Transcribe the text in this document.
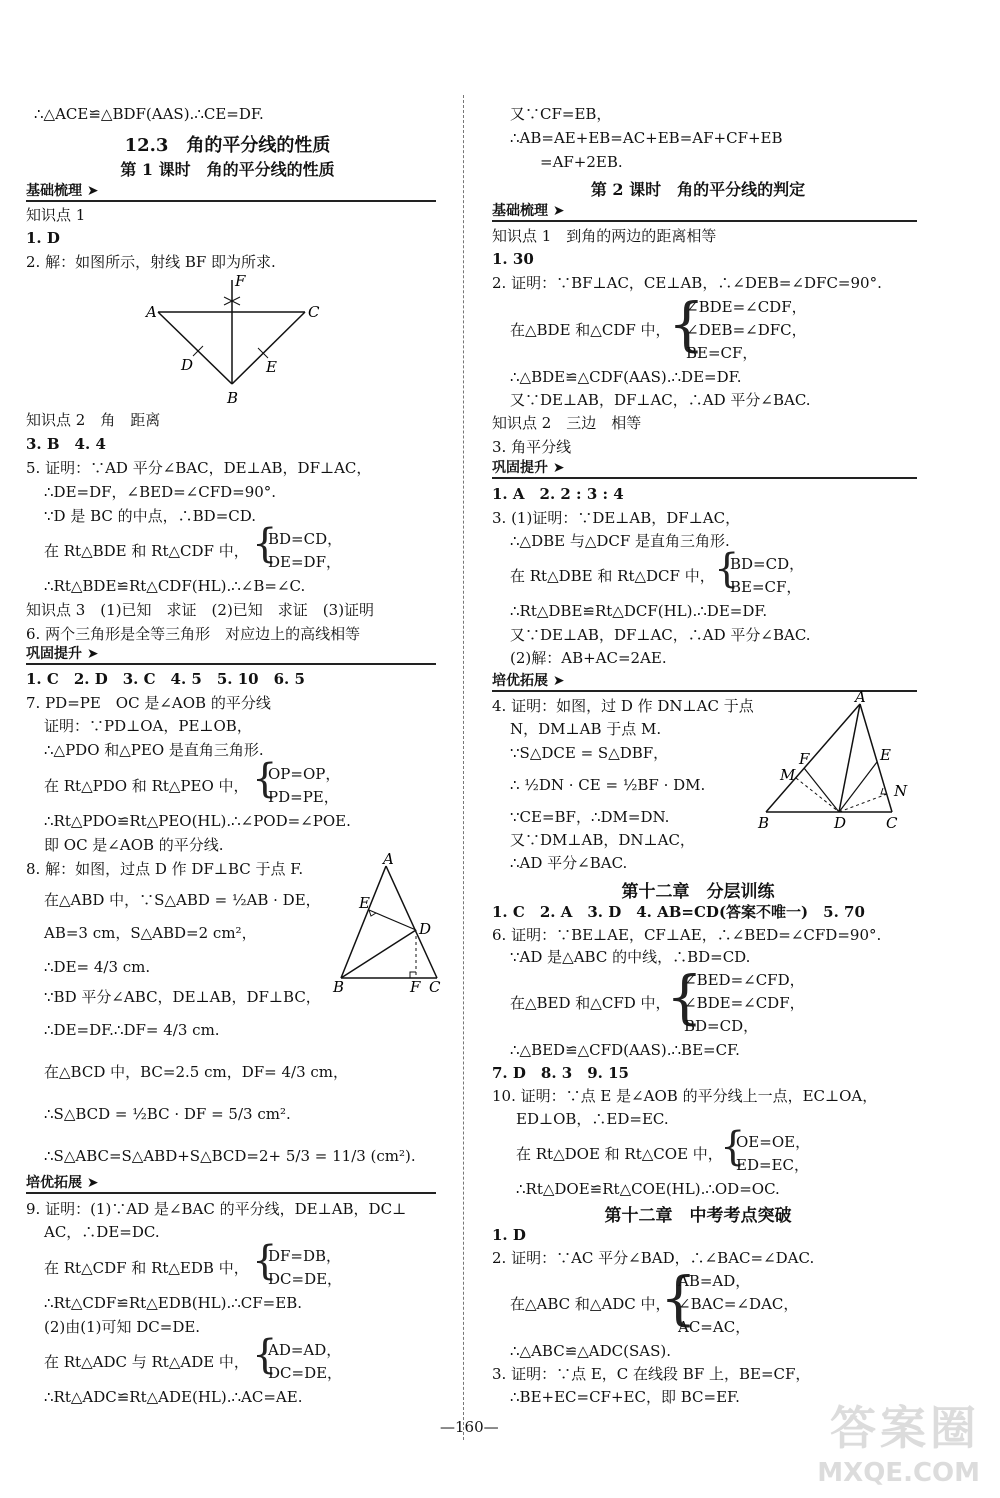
∴△ACE≌△BDF(AAS).∴CE=DF.
12.3　角的平分线的性质
第 1 课时　角的平分线的性质
基础梳理 ➤
知识点 1
1. D
2. 解：如图所示，射线 BF 即为所求.
A	C
F
D	E
B
知识点 2　角　距离
3. B　4. 4
5. 证明：∵AD 平分∠BAC，DE⊥AB，DF⊥AC，
∴DE=DF，∠BED=∠CFD=90°.
∵D 是 BC 的中点，∴BD=CD.
在 Rt△BDE 和 Rt△CDF 中， {
BD=CD，
DE=DF，
∴Rt△BDE≌Rt△CDF(HL).∴∠B=∠C.
知识点 3　(1)已知　求证　(2)已知　求证　(3)证明
6. 两个三角形是全等三角形　对应边上的高线相等
巩固提升 ➤
1. C　2. D　3. C　4. 5　5. 10　6. 5
7. PD=PE　OC 是∠AOB 的平分线
证明：∵PD⊥OA，PE⊥OB，
∴△PDO 和△PEO 是直角三角形.
在 Rt△PDO 和 Rt△PEO 中， {
OP=OP，
PD=PE，
∴Rt△PDO≌Rt△PEO(HL).∴∠POD=∠POE.
即 OC 是∠AOB 的平分线.
8. 解：如图，过点 D 作 DF⊥BC 于点 F.
在△ABD 中，∵S△ABD = ½AB · DE，
AB=3 cm，S△ABD=2 cm²，
∴DE= 4/3 cm.
∵BD 平分∠ABC，DE⊥AB，DF⊥BC，
∴DE=DF.∴DF= 4/3 cm.
在△BCD 中，BC=2.5 cm，DF= 4/3 cm，
∴S△BCD = ½BC · DF = 5/3 cm².
∴S△ABC=S△ABD+S△BCD=2+ 5/3 = 11/3 (cm²).
A
E
D
B	F C
培优拓展 ➤
9. 证明：(1)∵AD 是∠BAC 的平分线，DE⊥AB，DC⊥
AC，∴DE=DC.
在 Rt△CDF 和 Rt△EDB 中， {
DF=DB，
DC=DE，
∴Rt△CDF≌Rt△EDB(HL).∴CF=EB.
(2)由(1)可知 DC=DE.
在 Rt△ADC 与 Rt△ADE 中， {
AD=AD，
DC=DE，
∴Rt△ADC≌Rt△ADE(HL).∴AC=AE.
又∵CF=EB，
∴AB=AE+EB=AC+EB=AF+CF+EB
=AF+2EB.
第 2 课时　角的平分线的判定
基础梳理 ➤
知识点 1　到角的两边的距离相等
1. 30
2. 证明：∵BF⊥AC，CE⊥AB，∴∠DEB=∠DFC=90°.
在△BDE 和△CDF 中，
{
∠BDE=∠CDF，
∠DEB=∠DFC，
BE=CF，
∴△BDE≌△CDF(AAS).∴DE=DF.
又∵DE⊥AB，DF⊥AC，∴AD 平分∠BAC.
知识点 2　三边　相等
3. 角平分线
巩固提升 ➤
1. A　2. 2 : 3 : 4
3. (1)证明：∵DE⊥AB，DF⊥AC，
∴△DBE 与△DCF 是直角三角形.
在 Rt△DBE 和 Rt△DCF 中， {
BD=CD，
BE=CF，
∴Rt△DBE≌Rt△DCF(HL).∴DE=DF.
又∵DE⊥AB，DF⊥AC，∴AD 平分∠BAC.
(2)解：AB+AC=2AE.
培优拓展 ➤
4. 证明：如图，过 D 作 DN⊥AC 于点
N，DM⊥AB 于点 M.
∵S△DCE = S△DBF，
∴ ½DN · CE = ½BF · DM.
∵CE=BF，∴DM=DN.
又∵DM⊥AB，DN⊥AC，
∴AD 平分∠BAC.
A
F
M
E
N
B	D	C
第十二章　分层训练
1. C　2. A　3. D　4. AB=CD(答案不唯一)　5. 70
6. 证明：∵BE⊥AE，CF⊥AE，∴∠BED=∠CFD=90°.
∵AD 是△ABC 的中线，∴BD=CD.
在△BED 和△CFD 中，
{
∠BED=∠CFD，
∠BDE=∠CDF，
BD=CD，
∴△BED≌△CFD(AAS).∴BE=CF.
7. D　8. 3　9. 15
10. 证明：∵点 E 是∠AOB 的平分线上一点，EC⊥OA，
ED⊥OB，∴ED=EC.
在 Rt△DOE 和 Rt△COE 中，
{
OE=OE，
ED=EC，
∴Rt△DOE≌Rt△COE(HL).∴OD=OC.
第十二章　中考考点突破
1. D
2. 证明：∵AC 平分∠BAD，∴∠BAC=∠DAC.
在△ABC 和△ADC 中，
{
AB=AD，
∠BAC=∠DAC，
AC=AC，
∴△ABC≌△ADC(SAS).
3. 证明：∵点 E，C 在线段 BF 上，BE=CF，
∴BE+EC=CF+EC，即 BC=EF.
—160—	答案圈
MXQE.COM
